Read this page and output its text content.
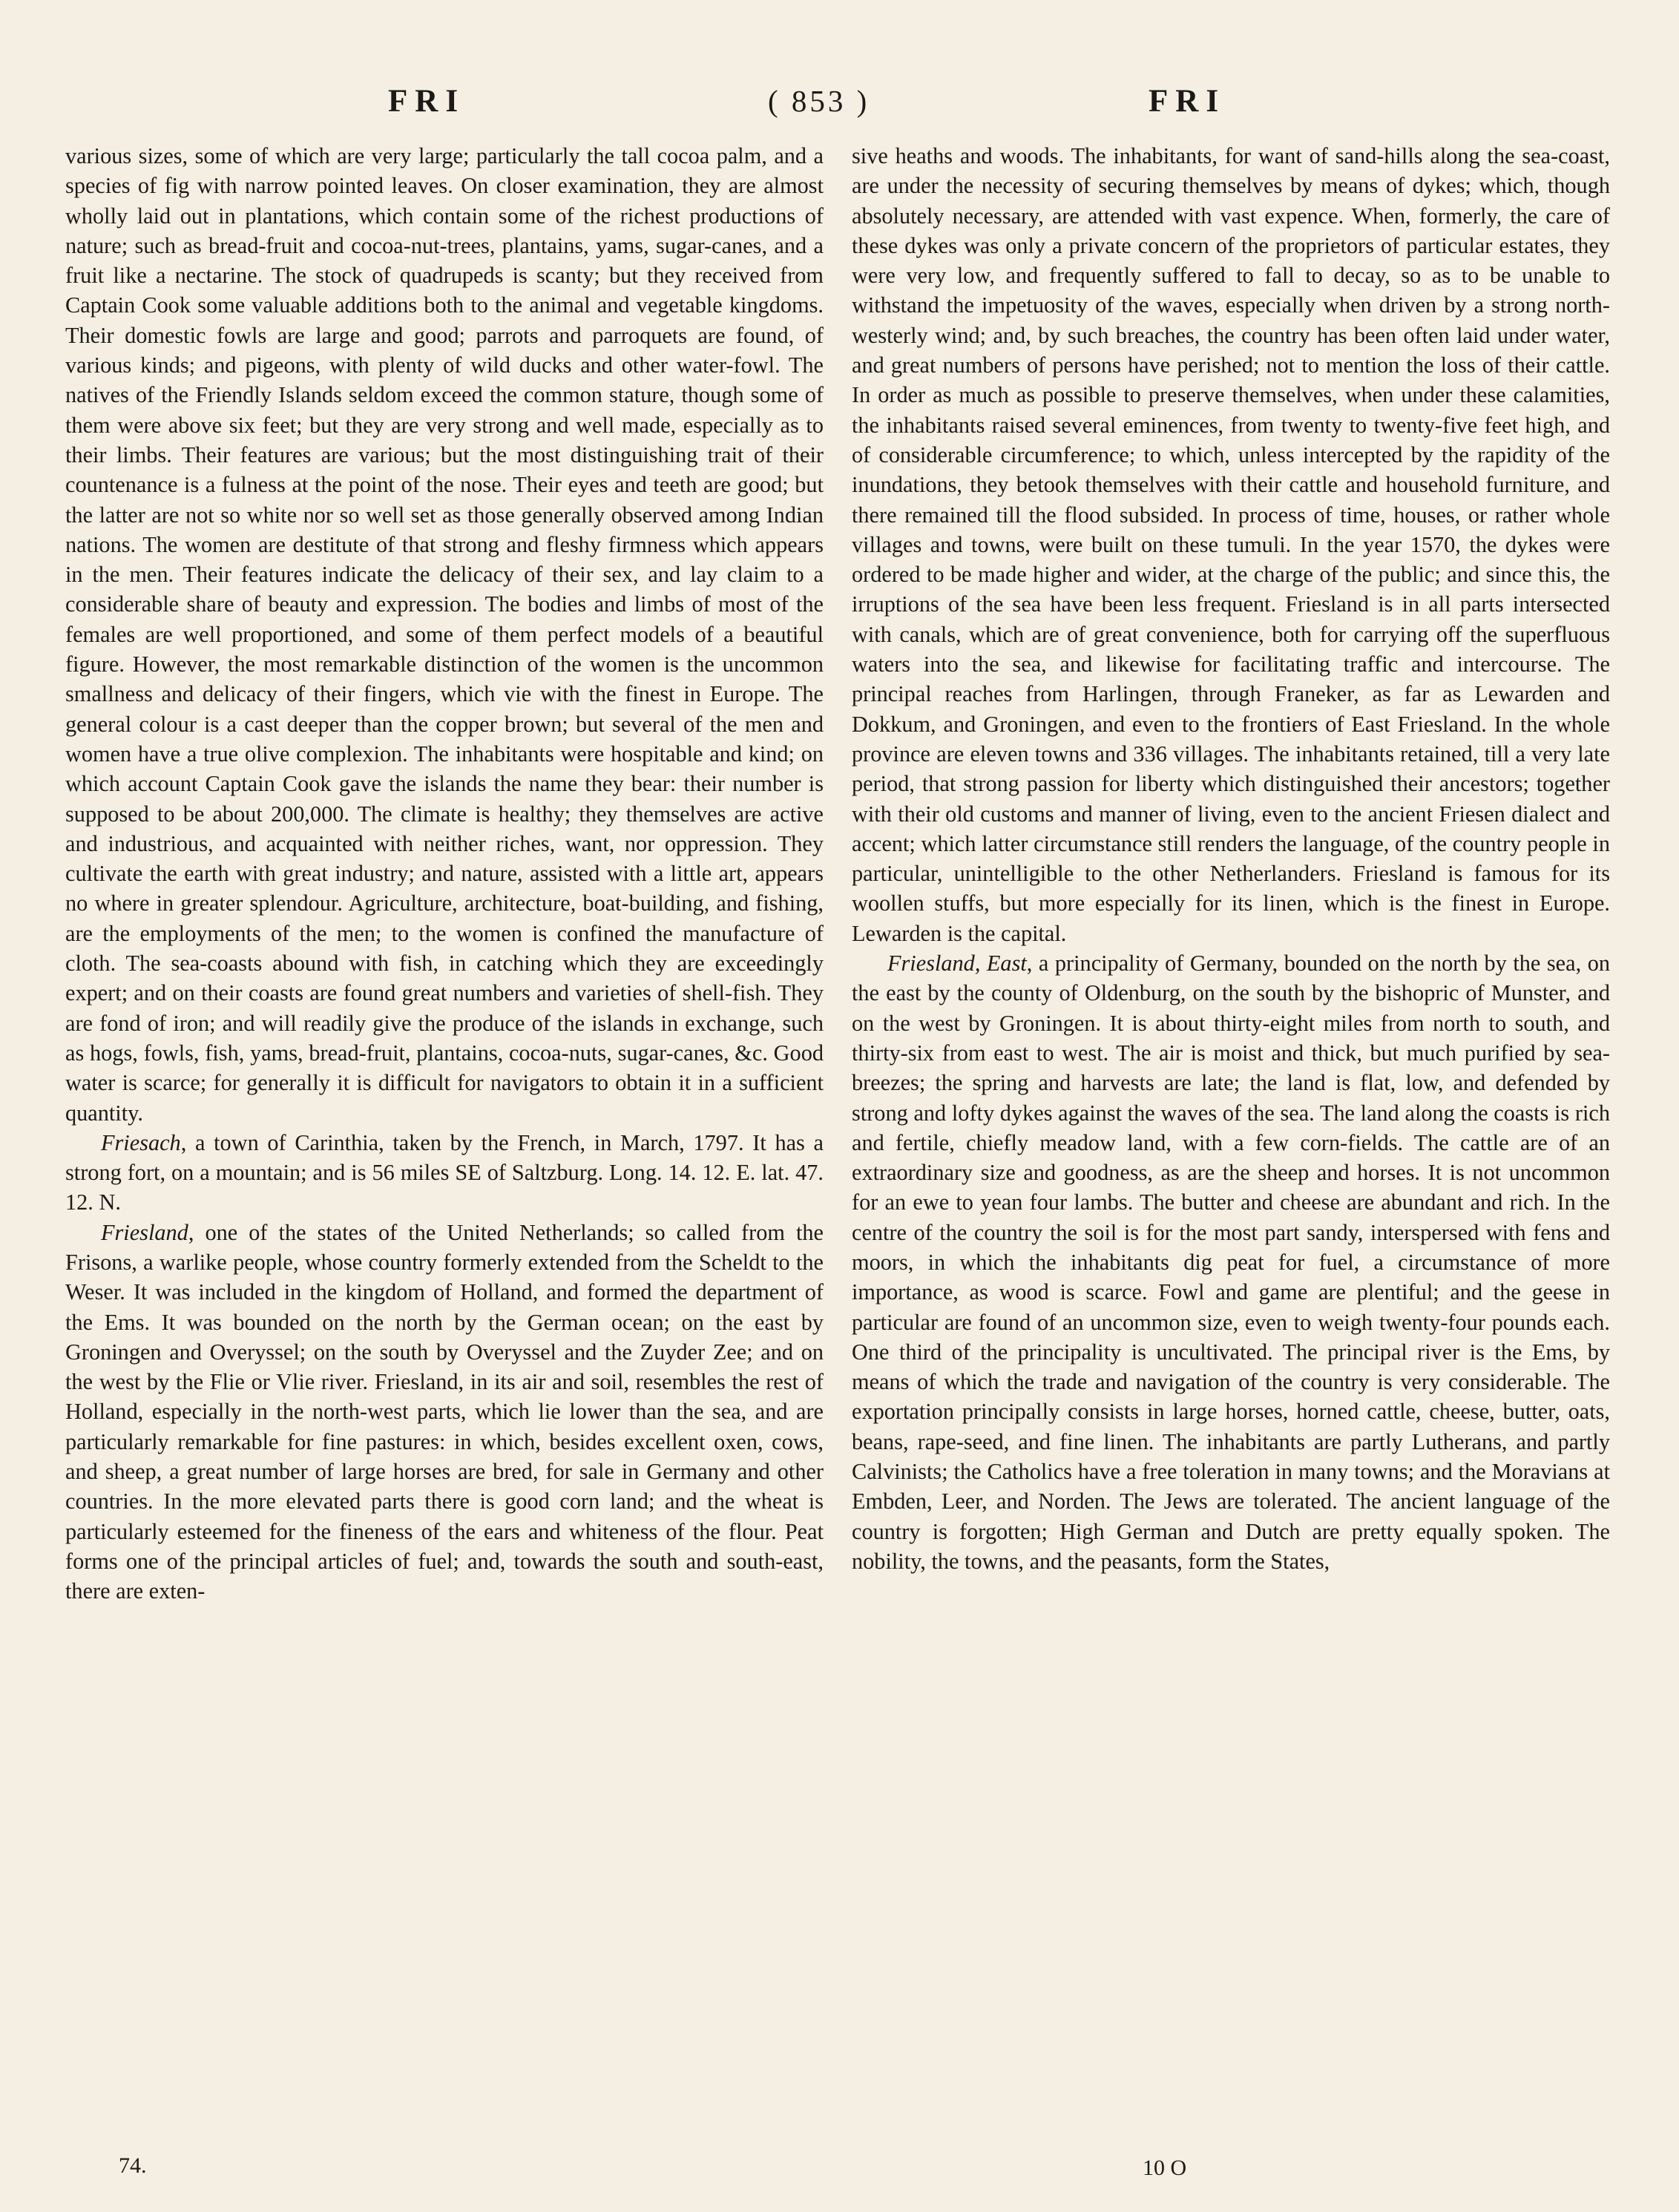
FRI	( 853 )	FRI

various sizes, some of which are very large; particularly the tall cocoa palm, and a species of fig with narrow pointed leaves. On closer examination, they are almost wholly laid out in plantations, which contain some of the richest productions of nature; such as bread-fruit and cocoa-nut-trees, plantains, yams, sugar-canes, and a fruit like a nectarine. The stock of quadrupeds is scanty; but they received from Captain Cook some valuable additions both to the animal and vegetable kingdoms. Their domestic fowls are large and good; parrots and parroquets are found, of various kinds; and pigeons, with plenty of wild ducks and other water-fowl. The natives of the Friendly Islands seldom exceed the common stature, though some of them were above six feet; but they are very strong and well made, especially as to their limbs. Their features are various; but the most distinguishing trait of their countenance is a fulness at the point of the nose. Their eyes and teeth are good; but the latter are not so white nor so well set as those generally observed among Indian nations. The women are destitute of that strong and fleshy firmness which appears in the men. Their features indicate the delicacy of their sex, and lay claim to a considerable share of beauty and expression. The bodies and limbs of most of the females are well proportioned, and some of them perfect models of a beautiful figure. However, the most remarkable distinction of the women is the uncommon smallness and delicacy of their fingers, which vie with the finest in Europe. The general colour is a cast deeper than the copper brown; but several of the men and women have a true olive complexion. The inhabitants were hospitable and kind; on which account Captain Cook gave the islands the name they bear: their number is supposed to be about 200,000. The climate is healthy; they themselves are active and industrious, and acquainted with neither riches, want, nor oppression. They cultivate the earth with great industry; and nature, assisted with a little art, appears no where in greater splendour. Agriculture, architecture, boat-building, and fishing, are the employments of the men; to the women is confined the manufacture of cloth. The sea-coasts abound with fish, in catching which they are exceedingly expert; and on their coasts are found great numbers and varieties of shell-fish. They are fond of iron; and will readily give the produce of the islands in exchange, such as hogs, fowls, fish, yams, bread-fruit, plantains, cocoa-nuts, sugar-canes, &c. Good water is scarce; for generally it is difficult for navigators to obtain it in a sufficient quantity.

Friesach, a town of Carinthia, taken by the French, in March, 1797. It has a strong fort, on a mountain; and is 56 miles SE of Saltzburg. Long. 14. 12. E. lat. 47. 12. N.

Friesland, one of the states of the United Netherlands; so called from the Frisons, a warlike people, whose country formerly extended from the Scheldt to the Weser. It was included in the kingdom of Holland, and formed the department of the Ems. It was bounded on the north by the German ocean; on the east by Groningen and Overyssel; on the south by Overyssel and the Zuyder Zee; and on the west by the Flie or Vlie river. Friesland, in its air and soil, resembles the rest of Holland, especially in the north-west parts, which lie lower than the sea, and are particularly remarkable for fine pastures: in which, besides excellent oxen, cows, and sheep, a great number of large horses are bred, for sale in Germany and other countries. In the more elevated parts there is good corn land; and the wheat is particularly esteemed for the fineness of the ears and whiteness of the flour. Peat forms one of the principal articles of fuel; and, towards the south and south-east, there are exten-

sive heaths and woods. The inhabitants, for want of sand-hills along the sea-coast, are under the necessity of securing themselves by means of dykes; which, though absolutely necessary, are attended with vast expence. When, formerly, the care of these dykes was only a private concern of the proprietors of particular estates, they were very low, and frequently suffered to fall to decay, so as to be unable to withstand the impetuosity of the waves, especially when driven by a strong north-westerly wind; and, by such breaches, the country has been often laid under water, and great numbers of persons have perished; not to mention the loss of their cattle. In order as much as possible to preserve themselves, when under these calamities, the inhabitants raised several eminences, from twenty to twenty-five feet high, and of considerable circumference; to which, unless intercepted by the rapidity of the inundations, they betook themselves with their cattle and household furniture, and there remained till the flood subsided. In process of time, houses, or rather whole villages and towns, were built on these tumuli. In the year 1570, the dykes were ordered to be made higher and wider, at the charge of the public; and since this, the irruptions of the sea have been less frequent. Friesland is in all parts intersected with canals, which are of great convenience, both for carrying off the superfluous waters into the sea, and likewise for facilitating traffic and intercourse. The principal reaches from Harlingen, through Franeker, as far as Lewarden and Dokkum, and Groningen, and even to the frontiers of East Friesland. In the whole province are eleven towns and 336 villages. The inhabitants retained, till a very late period, that strong passion for liberty which distinguished their ancestors; together with their old customs and manner of living, even to the ancient Friesen dialect and accent; which latter circumstance still renders the language, of the country people in particular, unintelligible to the other Netherlanders. Friesland is famous for its woollen stuffs, but more especially for its linen, which is the finest in Europe. Lewarden is the capital.

Friesland, East, a principality of Germany, bounded on the north by the sea, on the east by the county of Oldenburg, on the south by the bishopric of Munster, and on the west by Groningen. It is about thirty-eight miles from north to south, and thirty-six from east to west. The air is moist and thick, but much purified by sea-breezes; the spring and harvests are late; the land is flat, low, and defended by strong and lofty dykes against the waves of the sea. The land along the coasts is rich and fertile, chiefly meadow land, with a few corn-fields. The cattle are of an extraordinary size and goodness, as are the sheep and horses. It is not uncommon for an ewe to yean four lambs. The butter and cheese are abundant and rich. In the centre of the country the soil is for the most part sandy, interspersed with fens and moors, in which the inhabitants dig peat for fuel, a circumstance of more importance, as wood is scarce. Fowl and game are plentiful; and the geese in particular are found of an uncommon size, even to weigh twenty-four pounds each. One third of the principality is uncultivated. The principal river is the Ems, by means of which the trade and navigation of the country is very considerable. The exportation principally consists in large horses, horned cattle, cheese, butter, oats, beans, rape-seed, and fine linen. The inhabitants are partly Lutherans, and partly Calvinists; the Catholics have a free toleration in many towns; and the Moravians at Embden, Leer, and Norden. The Jews are tolerated. The ancient language of the country is forgotten; High German and Dutch are pretty equally spoken. The nobility, the towns, and the peasants, form the States,

74.	10 O
